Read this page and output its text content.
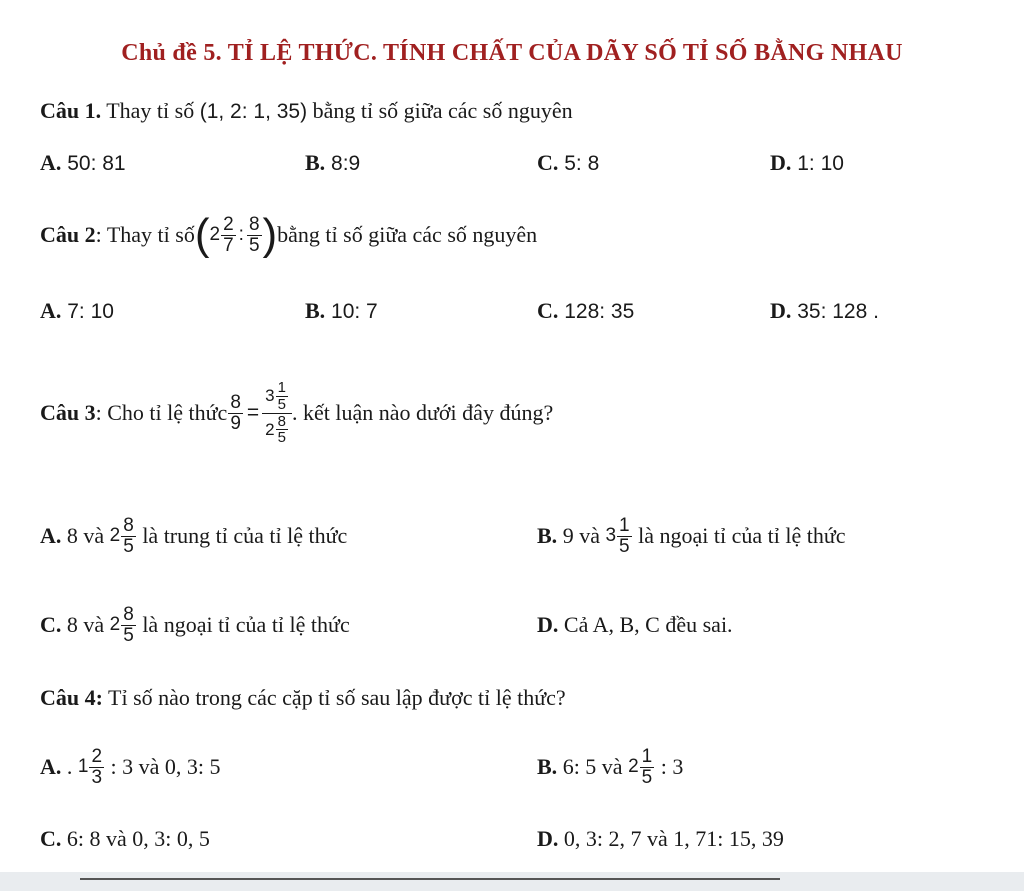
Chủ đề 5. TỈ LỆ THỨC. TÍNH CHẤT CỦA DÃY SỐ TỈ SỐ BẰNG NHAU
Câu 1. Thay tỉ số (1, 2: 1, 35) bằng tỉ số giữa các số nguyên
A. 50: 81	B. 8:9	C. 5: 8	D. 1: 10
Câu 2 : Thay tỉ số ( $2 \frac{2}{7}$ : $\frac{8}{5}$ ) bằng tỉ số giữa các số nguyên
A. 7: 10	B. 10: 7	C. 128: 35	D. 35: 128 .
Câu 3 : Cho tỉ lệ thức $\frac{8}{9} = \frac{3 \frac{1}{5}}{2 \frac{8}{5}}$ . kết luận nào dưới đây đúng?
A. 8 và $2 \frac{8}{5}$ là trung tỉ của tỉ lệ thức	B. 9 và $3 \frac{1}{5}$ là ngoại tỉ của tỉ lệ thức
C. 8 và $2 \frac{8}{5}$ là ngoại tỉ của tỉ lệ thức	D. Cả A, B, C đều sai.
Câu 4: Tỉ số nào trong các cặp tỉ số sau lập được tỉ lệ thức?
A. . $1 \frac{2}{3}$ : 3 và 0, 3: 5	B. 6: 5 và $2 \frac{1}{5}$ : 3
C. 6: 8 và 0, 3: 0, 5	D. 0, 3: 2, 7 và 1, 71: 15, 39
